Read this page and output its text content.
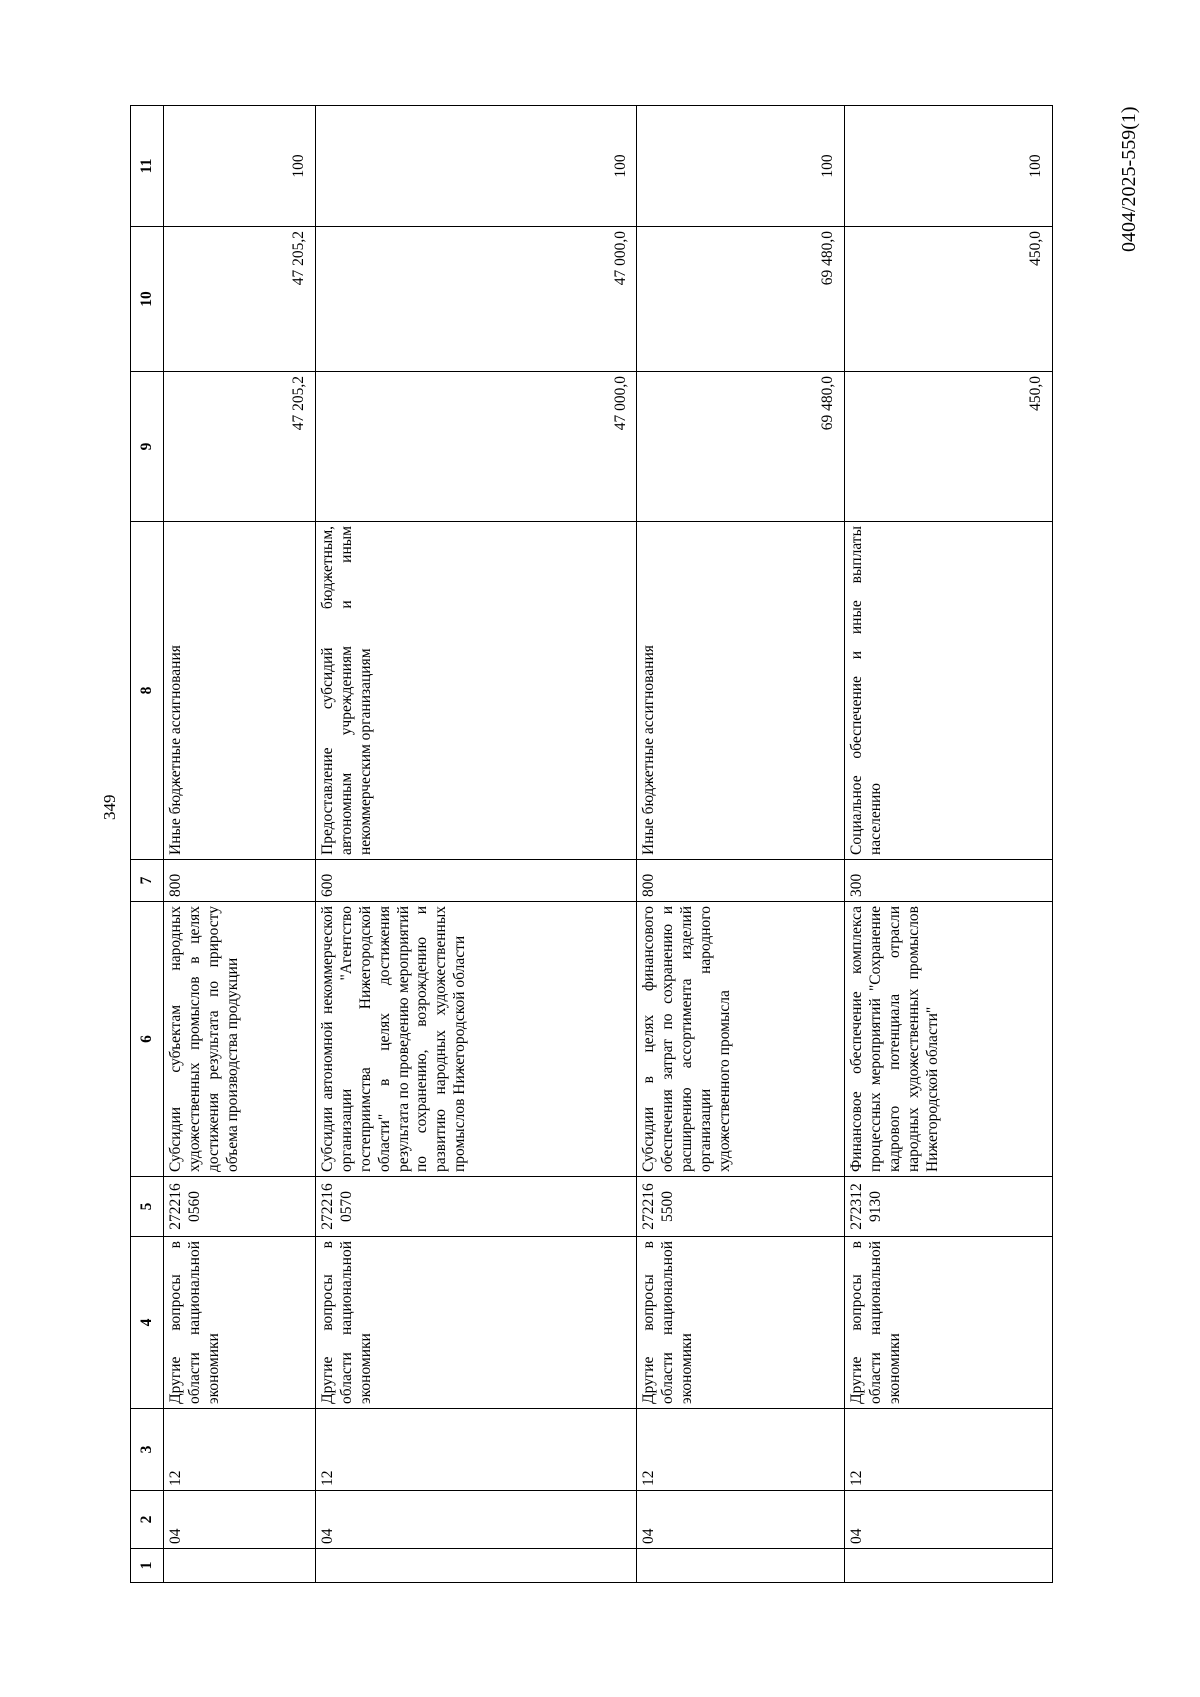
349
0404/2025-559(1)
1	2	3	4	5	6	7	8	9	10	11
	04	12	Другие вопросы в области национальной экономики	272216 0560	Субсидии субъектам народных художественных промыслов в целях достижения результата по приросту объема производства продукции	800	Иные бюджетные ассигнования	47 205,2	47 205,2	100
	04	12	Другие вопросы в области национальной экономики	272216 0570	Субсидии автономной некоммерческой организации "Агентство гостеприимства Нижегородской области" в целях достижения результата по проведению мероприятий по сохранению, возрождению и развитию народных художественных промыслов Нижегородской области	600	Предоставление субсидий бюджетным, автономным учреждениям и иным некоммерческим организациям	47 000,0	47 000,0	100
	04	12	Другие вопросы в области национальной экономики	272216 5500	Субсидии в целях финансового обеспечения затрат по сохранению и расширению ассортимента изделий организации народного художественного промысла	800	Иные бюджетные ассигнования	69 480,0	69 480,0	100
	04	12	Другие вопросы в области национальной экономики	272312 9130	Финансовое обеспечение комплекса процессных мероприятий "Сохранение кадрового потенциала отрасли народных художественных промыслов Нижегородской области"	300	Социальное обеспечение и иные выплаты населению	450,0	450,0	100
